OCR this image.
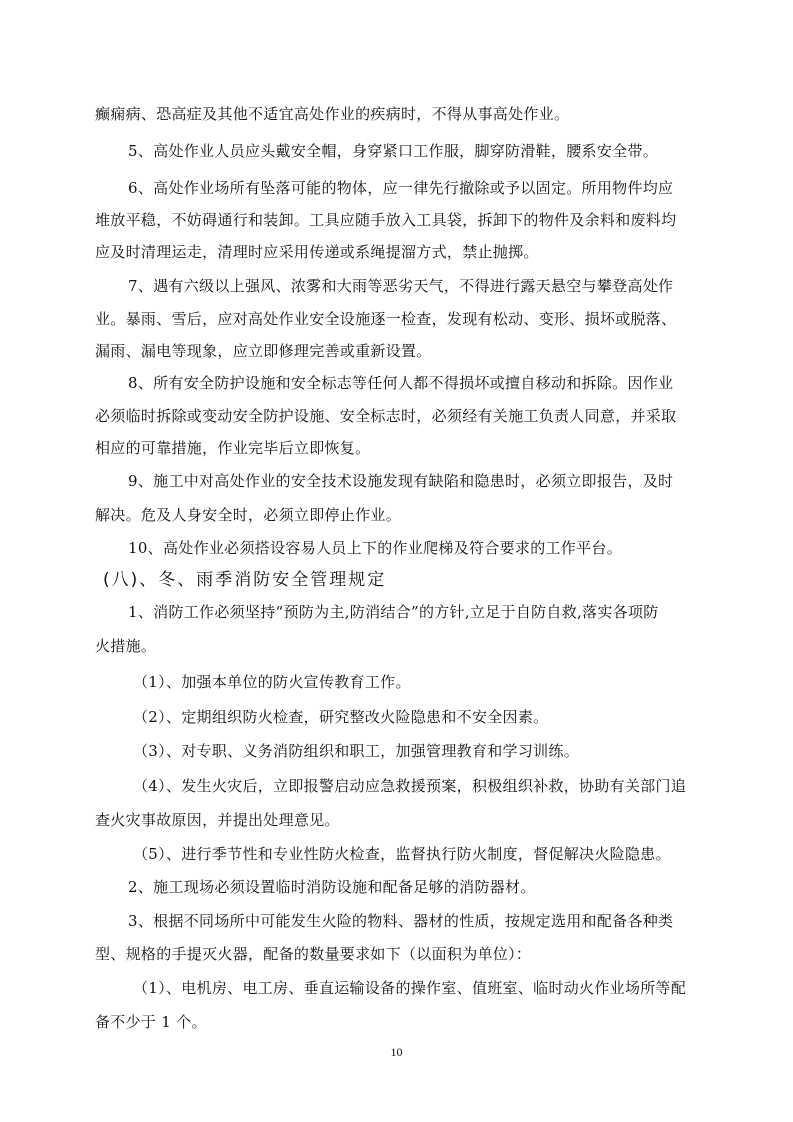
癫痫病、恐高症及其他不适宜高处作业的疾病时，不得从事高处作业。
5、高处作业人员应头戴安全帽，身穿紧口工作服，脚穿防滑鞋，腰系安全带。
6、高处作业场所有坠落可能的物体，应一律先行撤除或予以固定。所用物件均应
堆放平稳，不妨碍通行和装卸。工具应随手放入工具袋，拆卸下的物件及余料和废料均
应及时清理运走，清理时应采用传递或系绳提溜方式，禁止抛掷。
7、遇有六级以上强风、浓雾和大雨等恶劣天气，不得进行露天悬空与攀登高处作
业。暴雨、雪后，应对高处作业安全设施逐一检查，发现有松动、变形、损坏或脱落、
漏雨、漏电等现象，应立即修理完善或重新设置。
8、所有安全防护设施和安全标志等任何人都不得损坏或擅自移动和拆除。因作业
必须临时拆除或变动安全防护设施、安全标志时，必须经有关施工负责人同意，并采取
相应的可靠措施，作业完毕后立即恢复。
9、施工中对高处作业的安全技术设施发现有缺陷和隐患时，必须立即报告，及时
解决。危及人身安全时，必须立即停止作业。
10、高处作业必须搭设容易人员上下的作业爬梯及符合要求的工作平台。
(八)、冬、雨季消防安全管理规定
1、消防工作必须坚持“预防为主,防消结合”的方针,立足于自防自救,落实各项防
火措施。
（1）、加强本单位的防火宣传教育工作。
（2）、定期组织防火检查，研究整改火险隐患和不安全因素。
（3）、对专职、义务消防组织和职工，加强管理教育和学习训练。
（4）、发生火灾后，立即报警启动应急救援预案，积极组织补救，协助有关部门追
查火灾事故原因，并提出处理意见。
（5）、进行季节性和专业性防火检查，监督执行防火制度，督促解决火险隐患。
2、施工现场必须设置临时消防设施和配备足够的消防器材。
3、根据不同场所中可能发生火险的物料、器材的性质，按规定选用和配备各种类
型、规格的手提灭火器，配备的数量要求如下（以面积为单位）：
（1）、电机房、电工房、垂直运输设备的操作室、值班室、临时动火作业场所等配
备不少于 1 个。
10
